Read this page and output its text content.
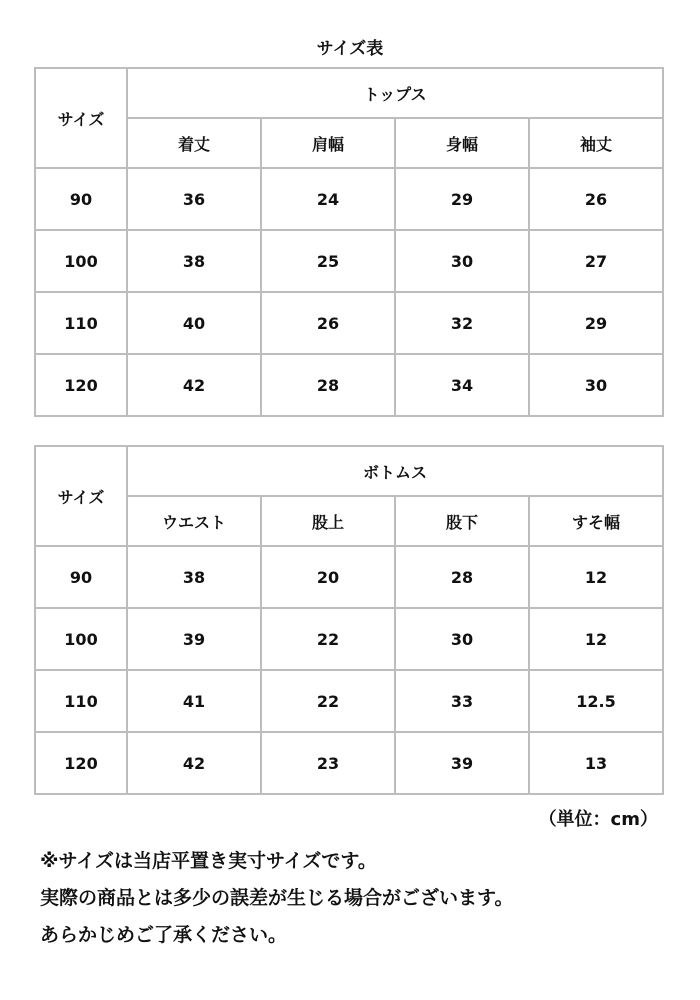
サイズ表
サイズ	トップス			
	着丈	肩幅	身幅	袖丈
90	36	24	29	26
100	38	25	30	27
110	40	26	32	29
120	42	28	34	30
サイズ	ボトムス			
	ウエスト	股上	股下	すそ幅
90	38	20	28	12
100	39	22	30	12
110	41	22	33	12.5
120	42	23	39	13
（単位：cm）
※サイズは当店平置き実寸サイズです。
実際の商品とは多少の誤差が生じる場合がございます。
あらかじめご了承ください。
